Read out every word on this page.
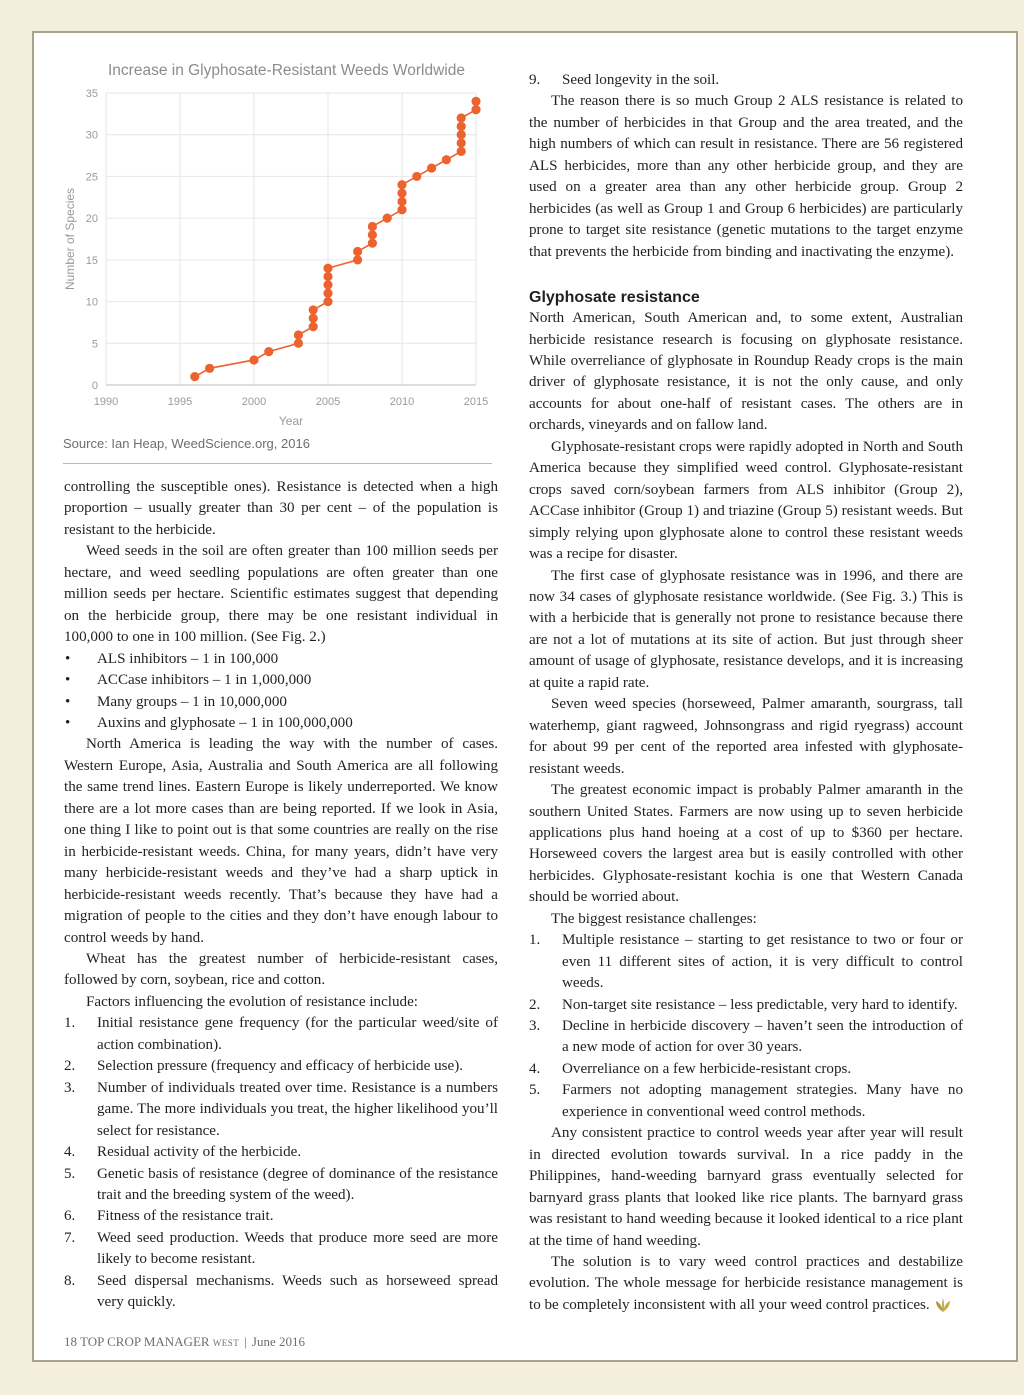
Increase in Glyphosate-Resistant Weeds Worldwide
1990	1995	2000	2005	2010	2015
0
5
10
15
20
25
30
35
Year
Number of Species
Source: Ian Heap, WeedScience.org, 2016

controlling the susceptible ones). Resistance is detected when a high proportion – usually greater than 30 per cent – of the population is resistant to the herbicide.

Weed seeds in the soil are often greater than 100 million seeds per hectare, and weed seedling populations are often greater than one million seeds per hectare. Scientific estimates suggest that depending on the herbicide group, there may be one resistant individual in 100,000 to one in 100 million. (See Fig. 2.)

• ALS inhibitors – 1 in 100,000
• ACCase inhibitors – 1 in 1,000,000
• Many groups – 1 in 10,000,000
• Auxins and glyphosate – 1 in 100,000,000

North America is leading the way with the number of cases. Western Europe, Asia, Australia and South America are all following the same trend lines. Eastern Europe is likely underreported. We know there are a lot more cases than are being reported. If we look in Asia, one thing I like to point out is that some countries are really on the rise in herbicide-resistant weeds. China, for many years, didn’t have very many herbicide-resistant weeds and they’ve had a sharp uptick in herbicide-resistant weeds recently. That’s because they have had a migration of people to the cities and they don’t have enough labour to control weeds by hand.

Wheat has the greatest number of herbicide-resistant cases, followed by corn, soybean, rice and cotton.

Factors influencing the evolution of resistance include:

1. Initial resistance gene frequency (for the particular weed/site of action combination).
2. Selection pressure (frequency and efficacy of herbicide use).
3. Number of individuals treated over time. Resistance is a numbers game. The more individuals you treat, the higher likelihood you’ll select for resistance.
4. Residual activity of the herbicide.
5. Genetic basis of resistance (degree of dominance of the resistance trait and the breeding system of the weed).
6. Fitness of the resistance trait.
7. Weed seed production. Weeds that produce more seed are more likely to become resistant.
8. Seed dispersal mechanisms. Weeds such as horseweed spread very quickly.
9. Seed longevity in the soil.

The reason there is so much Group 2 ALS resistance is related to the number of herbicides in that Group and the area treated, and the high numbers of which can result in resistance. There are 56 registered ALS herbicides, more than any other herbicide group, and they are used on a greater area than any other herbicide group. Group 2 herbicides (as well as Group 1 and Group 6 herbicides) are particularly prone to target site resistance (genetic mutations to the target enzyme that prevents the herbicide from binding and inactivating the enzyme).

Glyphosate resistance

North American, South American and, to some extent, Australian herbicide resistance research is focusing on glyphosate resistance. While overreliance of glyphosate in Roundup Ready crops is the main driver of glyphosate resistance, it is not the only cause, and only accounts for about one-half of resistant cases. The others are in orchards, vineyards and on fallow land.

Glyphosate-resistant crops were rapidly adopted in North and South America because they simplified weed control. Glyphosate-resistant crops saved corn/soybean farmers from ALS inhibitor (Group 2), ACCase inhibitor (Group 1) and triazine (Group 5) resistant weeds. But simply relying upon glyphosate alone to control these resistant weeds was a recipe for disaster.

The first case of glyphosate resistance was in 1996, and there are now 34 cases of glyphosate resistance worldwide. (See Fig. 3.) This is with a herbicide that is generally not prone to resistance because there are not a lot of mutations at its site of action. But just through sheer amount of usage of glyphosate, resistance develops, and it is increasing at quite a rapid rate.

Seven weed species (horseweed, Palmer amaranth, sourgrass, tall waterhemp, giant ragweed, Johnsongrass and rigid ryegrass) account for about 99 per cent of the reported area infested with glyphosate-resistant weeds.

The greatest economic impact is probably Palmer amaranth in the southern United States. Farmers are now using up to seven herbicide applications plus hand hoeing at a cost of up to $360 per hectare. Horseweed covers the largest area but is easily controlled with other herbicides. Glyphosate-resistant kochia is one that Western Canada should be worried about.

The biggest resistance challenges:

1. Multiple resistance – starting to get resistance to two or four or even 11 different sites of action, it is very difficult to control weeds.
2. Non-target site resistance – less predictable, very hard to identify.
3. Decline in herbicide discovery – haven’t seen the introduction of a new mode of action for over 30 years.
4. Overreliance on a few herbicide-resistant crops.
5. Farmers not adopting management strategies. Many have no experience in conventional weed control methods.

Any consistent practice to control weeds year after year will result in directed evolution towards survival. In a rice paddy in the Philippines, hand-weeding barnyard grass eventually selected for barnyard grass plants that looked like rice plants. The barnyard grass was resistant to hand weeding because it looked identical to a rice plant at the time of hand weeding.

The solution is to vary weed control practices and destabilize evolution. The whole message for herbicide resistance management is to be completely inconsistent with all your weed control practices.

18 TOP CROP MANAGER WEST | June 2016
